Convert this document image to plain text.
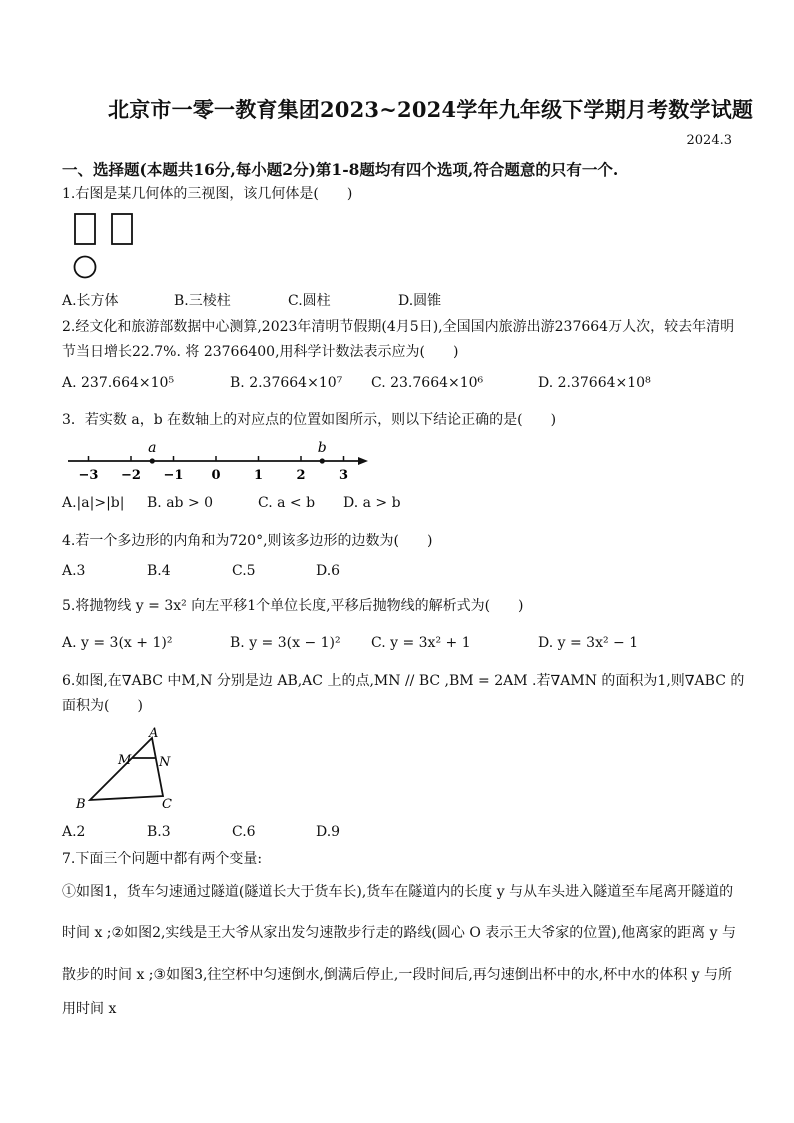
北京市一零一教育集团2023~2024学年九年级下学期月考数学试题
2024.3
一、选择题(本题共16分,每小题2分)第1-8题均有四个选项,符合题意的只有一个.
1.右图是某几何体的三视图，该几何体是(　　)
A.长方体	B.三棱柱	C.圆柱	D.圆锥
2.经文化和旅游部数据中心测算,2023年清明节假期(4月5日),全国国内旅游出游237664万人次，较去年清明
节当日增长22.7%. 将 23766400,用科学计数法表示应为(　　)
A. 237.664×10⁵	B. 2.37664×10⁷ C. 23.7664×10⁶	D. 2.37664×10⁸
3．若实数 a，b 在数轴上的对应点的位置如图所示，则以下结论正确的是(　　)
−3 −2 −1 0	1	2	3
a	b
A.|a|>|b| B. ab > 0	C. a < b D. a > b
4.若一个多边形的内角和为720°,则该多边形的边数为(　　)
A.3	B.4	C.5	D.6
5.将抛物线 y = 3x² 向左平移1个单位长度,平移后抛物线的解析式为(　　)
A. y = 3(x + 1)²	B. y = 3(x − 1)² C. y = 3x² + 1	D. y = 3x² − 1
6.如图,在∇ABC 中M,N 分别是边 AB,AC 上的点,MN // BC ,BM = 2AM .若∇AMN 的面积为1,则∇ABC 的
面积为(　　)
A
B	C
M N
A.2	B.3	C.6	D.9
7.下面三个问题中都有两个变量:
①如图1，货车匀速通过隧道(隧道长大于货车长),货车在隧道内的长度 y 与从车头进入隧道至车尾离开隧道的
时间 x ;②如图2,实线是王大爷从家出发匀速散步行走的路线(圆心 O 表示王大爷家的位置),他离家的距离 y 与
散步的时间 x ;③如图3,往空杯中匀速倒水,倒满后停止,一段时间后,再匀速倒出杯中的水,杯中水的体积 y 与所
用时间 x
